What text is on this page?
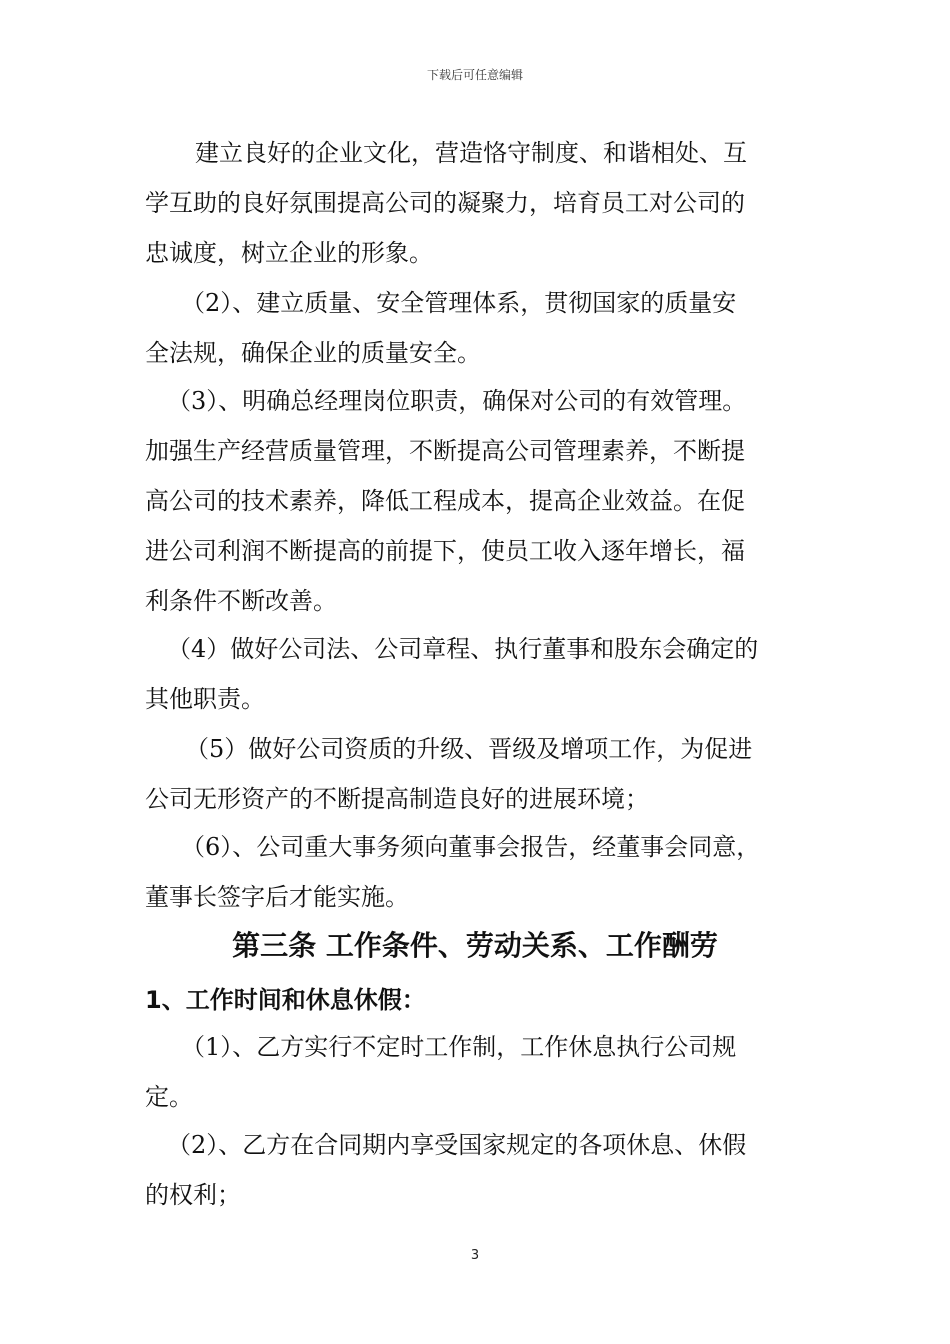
下载后可任意编辑
建立良好的企业文化，营造恪守制度、和谐相处、互
学互助的良好氛围提高公司的凝聚力，培育员工对公司的
忠诚度，树立企业的形象。
（2）、建立质量、安全管理体系，贯彻国家的质量安
全法规，确保企业的质量安全。
（3）、明确总经理岗位职责，确保对公司的有效管理。
加强生产经营质量管理，不断提高公司管理素养，不断提
高公司的技术素养，降低工程成本，提高企业效益。在促
进公司利润不断提高的前提下，使员工收入逐年增长，福
利条件不断改善。
（4）做好公司法、公司章程、执行董事和股东会确定的
其他职责。
（5）做好公司资质的升级、晋级及增项工作，为促进
公司无形资产的不断提高制造良好的进展环境；
（6）、公司重大事务须向董事会报告，经董事会同意，
董事长签字后才能实施。
第三条 工作条件、劳动关系、工作酬劳
1、工作时间和休息休假：
（1）、乙方实行不定时工作制，工作休息执行公司规
定。
（2）、乙方在合同期内享受国家规定的各项休息、休假
的权利；
3
